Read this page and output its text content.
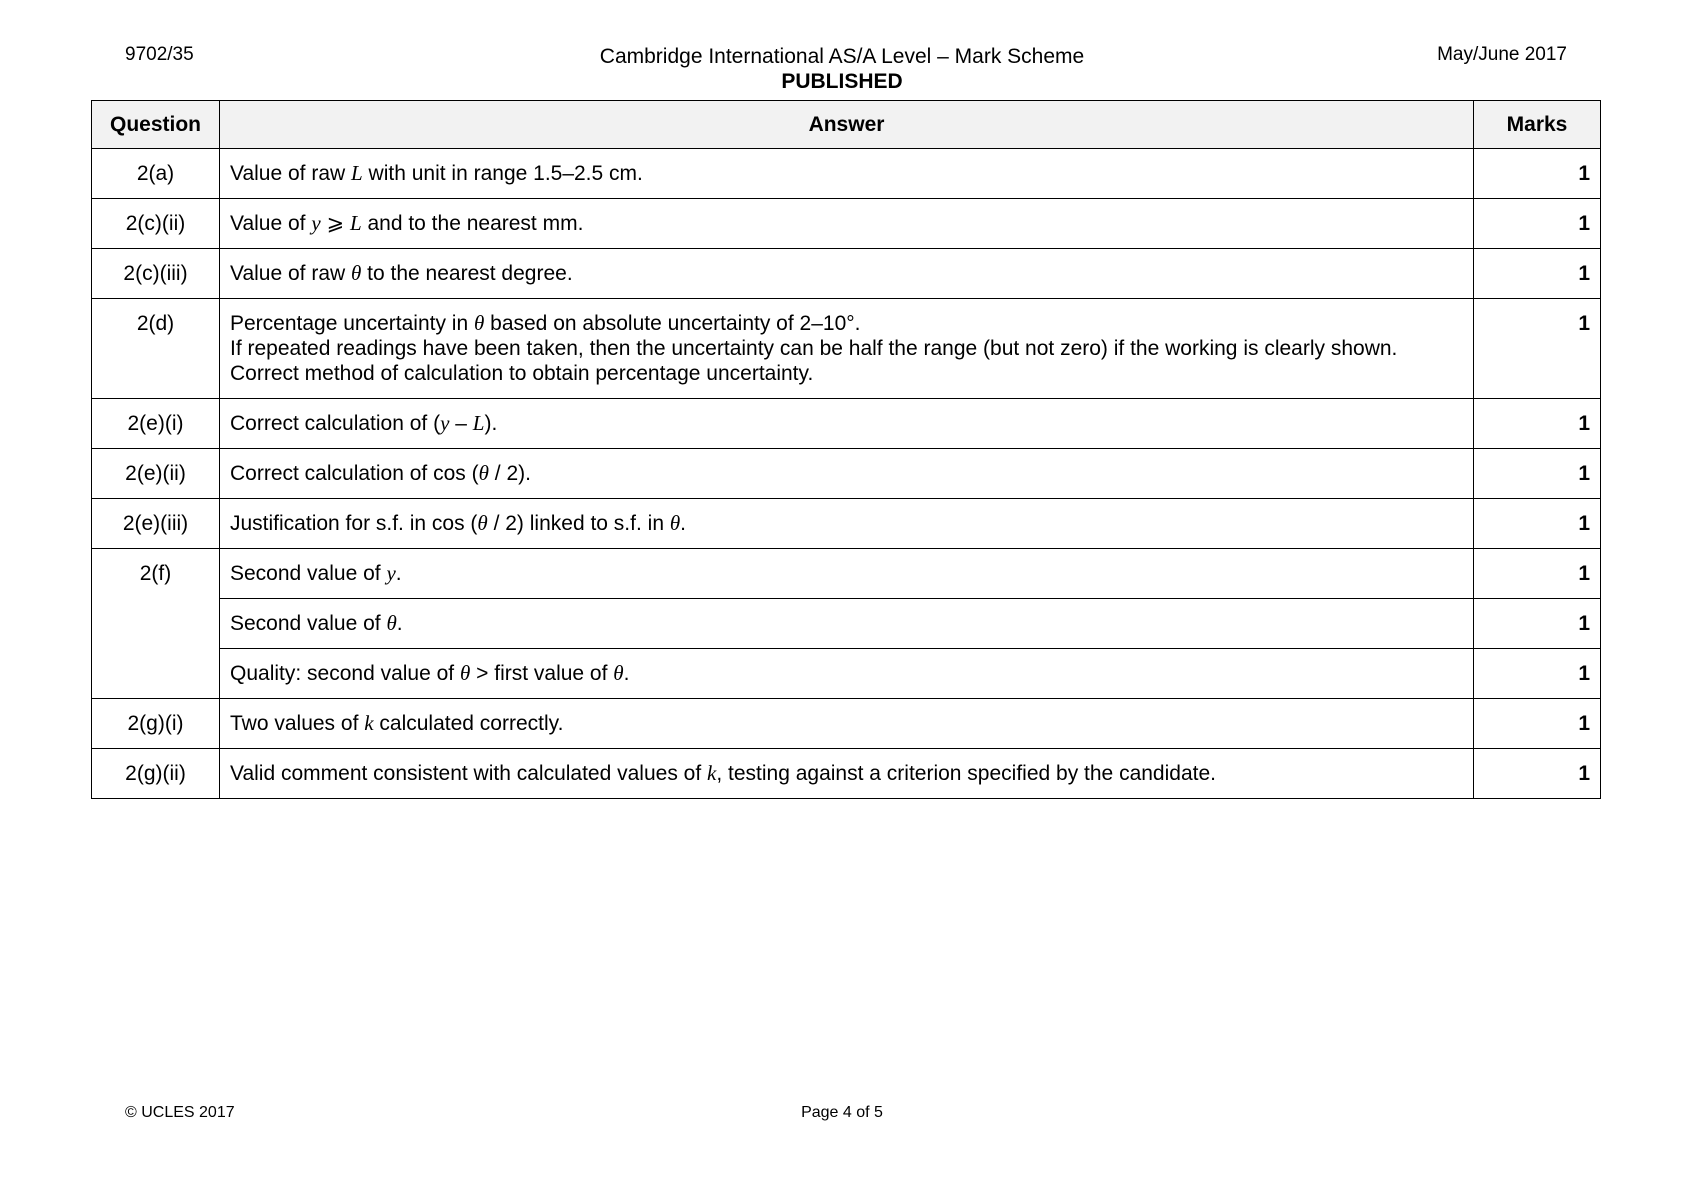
9702/35	Cambridge International AS/A Level – Mark Scheme
PUBLISHED
May/June 2017
Question	Answer	Marks
2(a)	Value of raw L with unit in range 1.5–2.5 cm.	1
2(c)(ii)	Value of y ⩾ L and to the nearest mm.	1
2(c)(iii)	Value of raw θ to the nearest degree.	1
2(d)	Percentage uncertainty in θ based on absolute uncertainty of 2–10°.
If repeated readings have been taken, then the uncertainty can be half the range (but not zero) if the working is clearly shown.
Correct method of calculation to obtain percentage uncertainty.	1
2(e)(i)	Correct calculation of (y – L).	1
2(e)(ii)	Correct calculation of cos (θ / 2).	1
2(e)(iii)	Justification for s.f. in cos (θ / 2) linked to s.f. in θ.	1
2(f)	Second value of y.	1
	Second value of θ.	1
	Quality: second value of θ > first value of θ.	1
2(g)(i)	Two values of k calculated correctly.	1
2(g)(ii)	Valid comment consistent with calculated values of k, testing against a criterion specified by the candidate.	1
© UCLES 2017	Page 4 of 5
